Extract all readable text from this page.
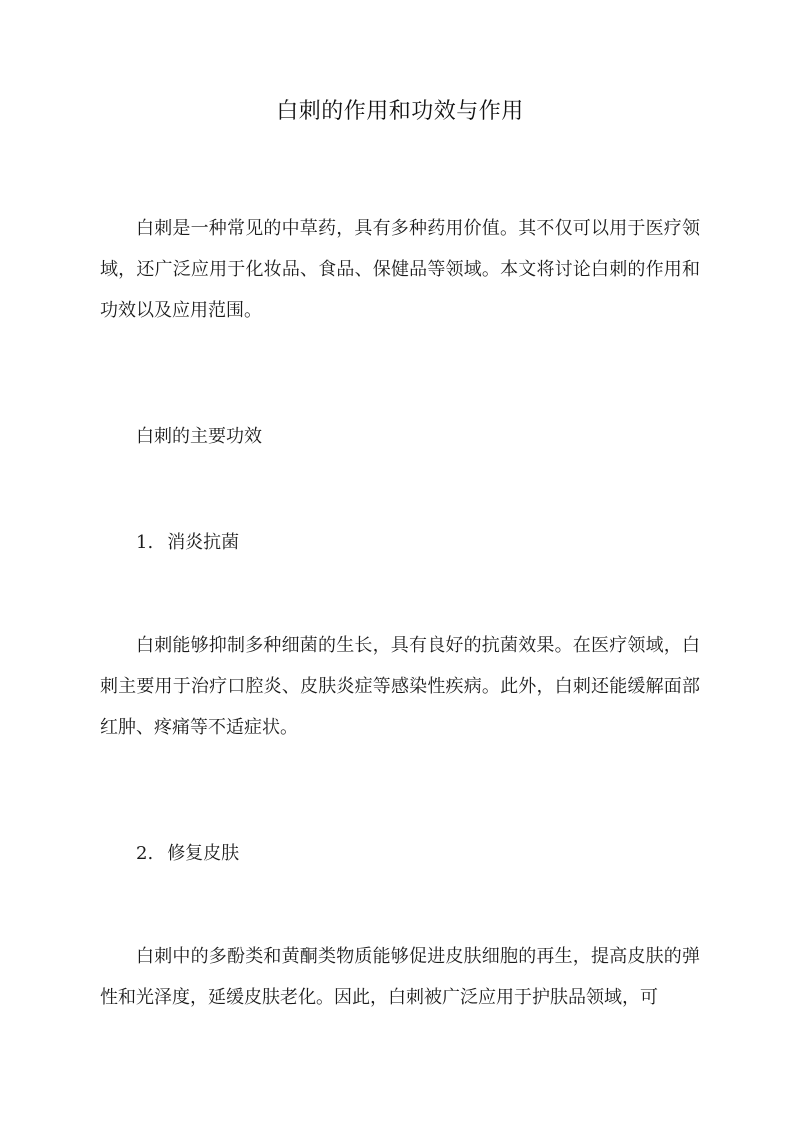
白刺的作用和功效与作用
白刺是一种常见的中草药，具有多种药用价值。其不仅可以用于医疗领域，还广泛应用于化妆品、食品、保健品等领域。本文将讨论白刺的作用和功效以及应用范围。
白刺的主要功效
1. 消炎抗菌
白刺能够抑制多种细菌的生长，具有良好的抗菌效果。在医疗领域，白刺主要用于治疗口腔炎、皮肤炎症等感染性疾病。此外，白刺还能缓解面部红肿、疼痛等不适症状。
2. 修复皮肤
白刺中的多酚类和黄酮类物质能够促进皮肤细胞的再生，提高皮肤的弹性和光泽度，延缓皮肤老化。因此，白刺被广泛应用于护肤品领域，可
